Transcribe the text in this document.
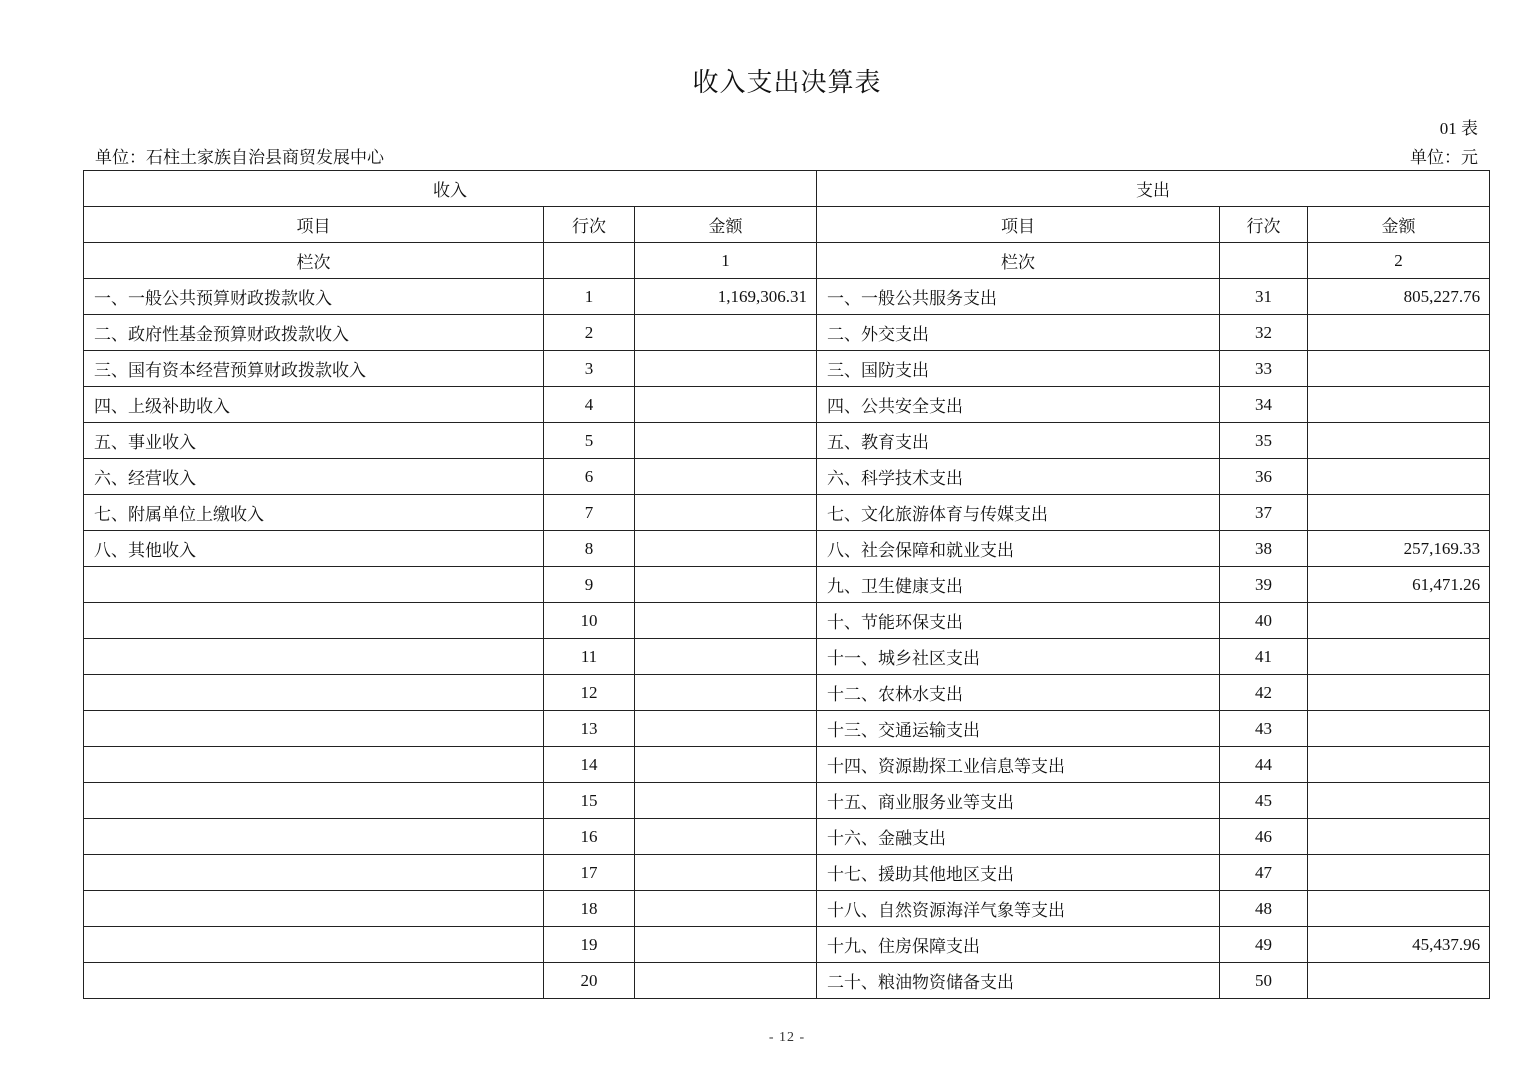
收入支出决算表
01 表
单位：石柱土家族自治县商贸发展中心	单位：元
收入			支出		
项目	行次	金额	项目	行次	金额
栏次		1	栏次		2
一、一般公共预算财政拨款收入	1	1,169,306.31	一、一般公共服务支出	31	805,227.76
二、政府性基金预算财政拨款收入	2		二、外交支出	32	
三、国有资本经营预算财政拨款收入	3		三、国防支出	33	
四、上级补助收入	4		四、公共安全支出	34	
五、事业收入	5		五、教育支出	35	
六、经营收入	6		六、科学技术支出	36	
七、附属单位上缴收入	7		七、文化旅游体育与传媒支出	37	
八、其他收入	8		八、社会保障和就业支出	38	257,169.33
	9		九、卫生健康支出	39	61,471.26
	10		十、节能环保支出	40	
	11		十一、城乡社区支出	41	
	12		十二、农林水支出	42	
	13		十三、交通运输支出	43	
	14		十四、资源勘探工业信息等支出	44	
	15		十五、商业服务业等支出	45	
	16		十六、金融支出	46	
	17		十七、援助其他地区支出	47	
	18		十八、自然资源海洋气象等支出	48	
	19		十九、住房保障支出	49	45,437.96
	20		二十、粮油物资储备支出	50	
- 12 -
